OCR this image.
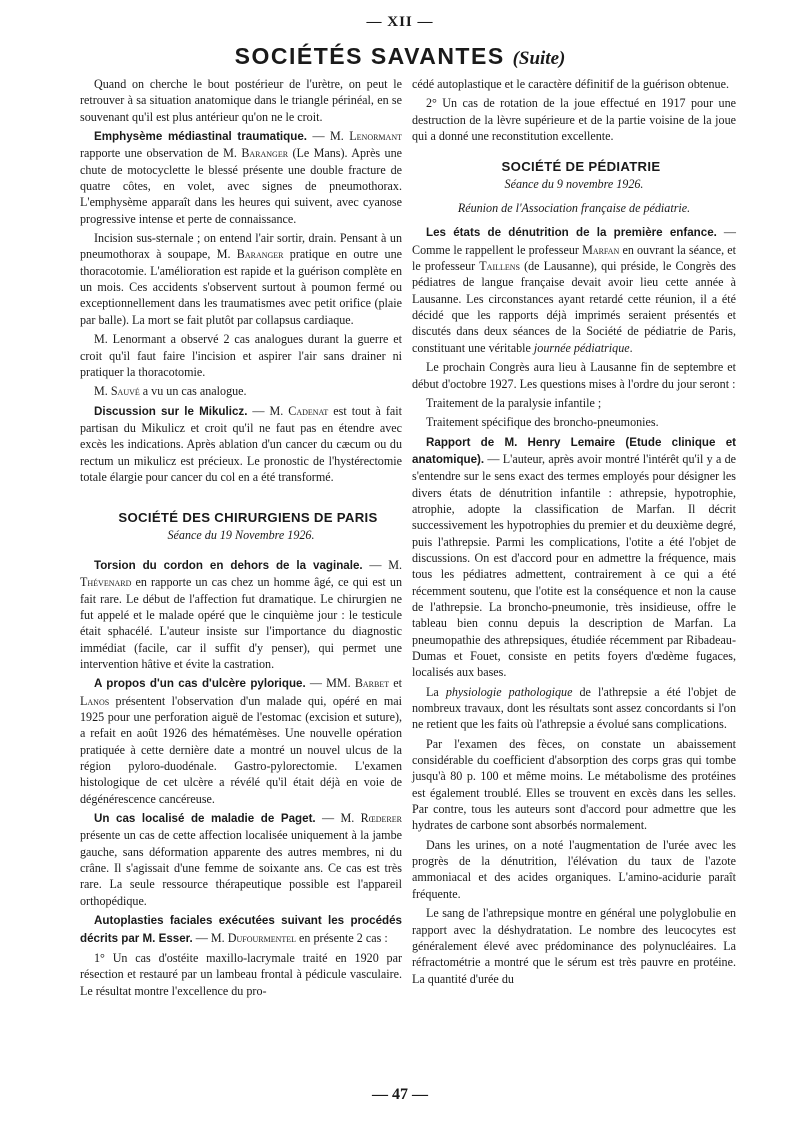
— XII —
SOCIÉTÉS SAVANTES (Suite)

Quand on cherche le bout postérieur de l'urètre, on peut le retrouver à sa situation anatomique dans le triangle périnéal, en se souvenant qu'il est plus antérieur qu'on ne le croit.

Emphysème médiastinal traumatique. — M. Lenormant rapporte une observation de M. Baranger (Le Mans). Après une chute de motocyclette le blessé présente une double fracture de quatre côtes, en volet, avec signes de pneumothorax. L'emphysème apparaît dans les heures qui suivent, avec cyanose progressive intense et perte de connaissance.

Incision sus-sternale ; on entend l'air sortir, drain. Pensant à un pneumothorax à soupape, M. Baranger pratique en outre une thoracotomie. L'amélioration est rapide et la guérison complète en un mois. Ces accidents s'observent surtout à poumon fermé ou exceptionnellement dans les traumatismes avec petit orifice (plaie par balle). La mort se fait plutôt par collapsus cardiaque.

M. Lenormant a observé 2 cas analogues durant la guerre et croit qu'il faut faire l'incision et aspirer l'air sans drainer ni pratiquer la thoracotomie.

M. Sauvé a vu un cas analogue.

Discussion sur le Mikulicz. — M. Cadenat est tout à fait partisan du Mikulicz et croit qu'il ne faut pas en étendre avec excès les indications. Après ablation d'un cancer du cæcum ou du rectum un mikulicz est précieux. Le pronostic de l'hystérectomie totale élargie pour cancer du col en a été transformé.

SOCIÉTÉ DES CHIRURGIENS DE PARIS

Séance du 19 Novembre 1926.

Torsion du cordon en dehors de la vaginale. — M. Thévenard en rapporte un cas chez un homme âgé, ce qui est un fait rare. Le début de l'affection fut dramatique. Le chirurgien ne fut appelé et le malade opéré que le cinquième jour : le testicule était sphacélé. L'auteur insiste sur l'importance du diagnostic immédiat (facile, car il suffit d'y penser), qui permet une intervention hâtive et évite la castration.

A propos d'un cas d'ulcère pylorique. — MM. Barbet et Lanos présentent l'observation d'un malade qui, opéré en mai 1925 pour une perforation aiguë de l'estomac (excision et suture), a refait en août 1926 des hématémèses. Une nouvelle opération pratiquée à cette dernière date a montré un nouvel ulcus de la région pyloro-duodénale. Gastro-pylorectomie. L'examen histologique de cet ulcère a révélé qu'il était déjà en voie de dégénérescence cancéreuse.

Un cas localisé de maladie de Paget. — M. Rœderer présente un cas de cette affection localisée uniquement à la jambe gauche, sans déformation apparente des autres membres, ni du crâne. Il s'agissait d'une femme de soixante ans. Ce cas est très rare. La seule ressource thérapeutique possible est l'appareil orthopédique.

Autoplasties faciales exécutées suivant les procédés décrits par M. Esser. — M. Dufourmentel en présente 2 cas :

1° Un cas d'ostéite maxillo-lacrymale traité en 1920 par résection et restauré par un lambeau frontal à pédicule vasculaire. Le résultat montre l'excellence du pro-

cédé autoplastique et le caractère définitif de la guérison obtenue.

2° Un cas de rotation de la joue effectué en 1917 pour une destruction de la lèvre supérieure et de la partie voisine de la joue qui a donné une reconstitution excellente.

SOCIÉTÉ DE PÉDIATRIE

Séance du 9 novembre 1926.

Réunion de l'Association française de pédiatrie.

Les états de dénutrition de la première enfance. — Comme le rappellent le professeur Marfan en ouvrant la séance, et le professeur Taillens (de Lausanne), qui préside, le Congrès des pédiatres de langue française devait avoir lieu cette année à Lausanne. Les circonstances ayant retardé cette réunion, il a été décidé que les rapports déjà imprimés seraient présentés et discutés dans deux séances de la Société de pédiatrie de Paris, constituant une véritable journée pédiatrique.

Le prochain Congrès aura lieu à Lausanne fin de septembre et début d'octobre 1927. Les questions mises à l'ordre du jour seront :

Traitement de la paralysie infantile ;

Traitement spécifique des broncho-pneumonies.

Rapport de M. Henry Lemaire (Etude clinique et anatomique). — L'auteur, après avoir montré l'intérêt qu'il y a de s'entendre sur le sens exact des termes employés pour désigner les divers états de dénutrition infantile : athrepsie, hypotrophie, atrophie, adopte la classification de Marfan. Il décrit successivement les hypotrophies du premier et du deuxième degré, puis l'athrepsie. Parmi les complications, l'otite a été l'objet de discussions. On est d'accord pour en admettre la fréquence, mais tous les pédiatres admettent, contrairement à ce qui a été récemment soutenu, que l'otite est la conséquence et non la cause de l'athrepsie. La broncho-pneumonie, très insidieuse, offre le tableau bien connu depuis la description de Marfan. La pneumopathie des athrepsiques, étudiée récemment par Ribadeau-Dumas et Fouet, consiste en petits foyers d'œdème fugaces, localisés aux bases.

La physiologie pathologique de l'athrepsie a été l'objet de nombreux travaux, dont les résultats sont assez concordants si l'on ne retient que les faits où l'athrepsie a évolué sans complications.

Par l'examen des fèces, on constate un abaissement considérable du coefficient d'absorption des corps gras qui tombe jusqu'à 80 p. 100 et même moins. Le métabolisme des protéines est également troublé. Elles se trouvent en excès dans les selles. Par contre, tous les auteurs sont d'accord pour admettre que les hydrates de carbone sont absorbés normalement.

Dans les urines, on a noté l'augmentation de l'urée avec les progrès de la dénutrition, l'élévation du taux de l'azote ammoniacal et des acides organiques. L'amino-acidurie paraît fréquente.

Le sang de l'athrepsique montre en général une polyglobulie en rapport avec la déshydratation. Le nombre des leucocytes est généralement élevé avec prédominance des polynucléaires. La réfractométrie a montré que le sérum est très pauvre en protéine. La quantité d'urée du

— 47 —
